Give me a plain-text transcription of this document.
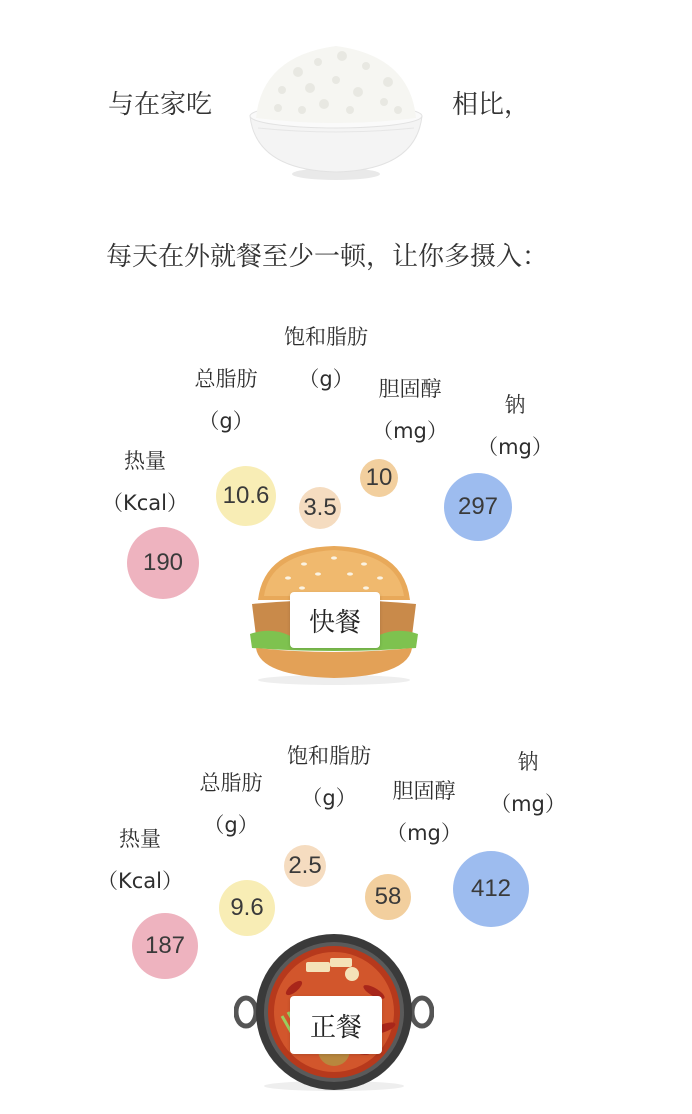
与在家吃	相比，
每天在外就餐至少一顿，让你多摄入：
热量
（Kcal）
总脂肪
（g）
饱和脂肪
（g）	胆固醇
（mg）
钠
（mg）
190
10.6 3.5
10
297
快餐
热量
（Kcal）
总脂肪
（g）
饱和脂肪
（g）	胆固醇
（mg）
钠
（mg）
187
9.6
2.5
58	412
正餐
